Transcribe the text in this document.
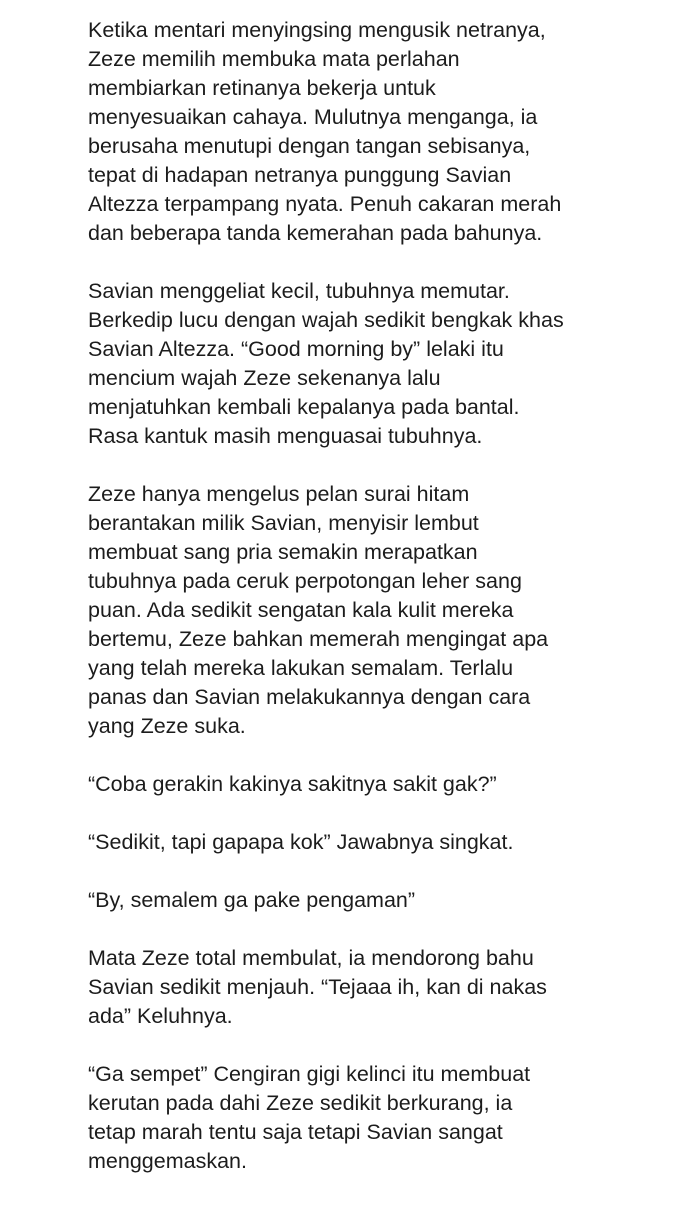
Ketika mentari menyingsing mengusik netranya,
Zeze memilih membuka mata perlahan
membiarkan retinanya bekerja untuk
menyesuaikan cahaya. Mulutnya menganga, ia
berusaha menutupi dengan tangan sebisanya,
tepat di hadapan netranya punggung Savian
Altezza terpampang nyata. Penuh cakaran merah
dan beberapa tanda kemerahan pada bahunya.

Savian menggeliat kecil, tubuhnya memutar.
Berkedip lucu dengan wajah sedikit bengkak khas
Savian Altezza. “Good morning by” lelaki itu
mencium wajah Zeze sekenanya lalu
menjatuhkan kembali kepalanya pada bantal.
Rasa kantuk masih menguasai tubuhnya.

Zeze hanya mengelus pelan surai hitam
berantakan milik Savian, menyisir lembut
membuat sang pria semakin merapatkan
tubuhnya pada ceruk perpotongan leher sang
puan. Ada sedikit sengatan kala kulit mereka
bertemu, Zeze bahkan memerah mengingat apa
yang telah mereka lakukan semalam. Terlalu
panas dan Savian melakukannya dengan cara
yang Zeze suka.

“Coba gerakin kakinya sakitnya sakit gak?”

“Sedikit, tapi gapapa kok” Jawabnya singkat.

“By, semalem ga pake pengaman”

Mata Zeze total membulat, ia mendorong bahu
Savian sedikit menjauh. “Tejaaa ih, kan di nakas
ada” Keluhnya.

“Ga sempet” Cengiran gigi kelinci itu membuat
kerutan pada dahi Zeze sedikit berkurang, ia
tetap marah tentu saja tetapi Savian sangat
menggemaskan.
